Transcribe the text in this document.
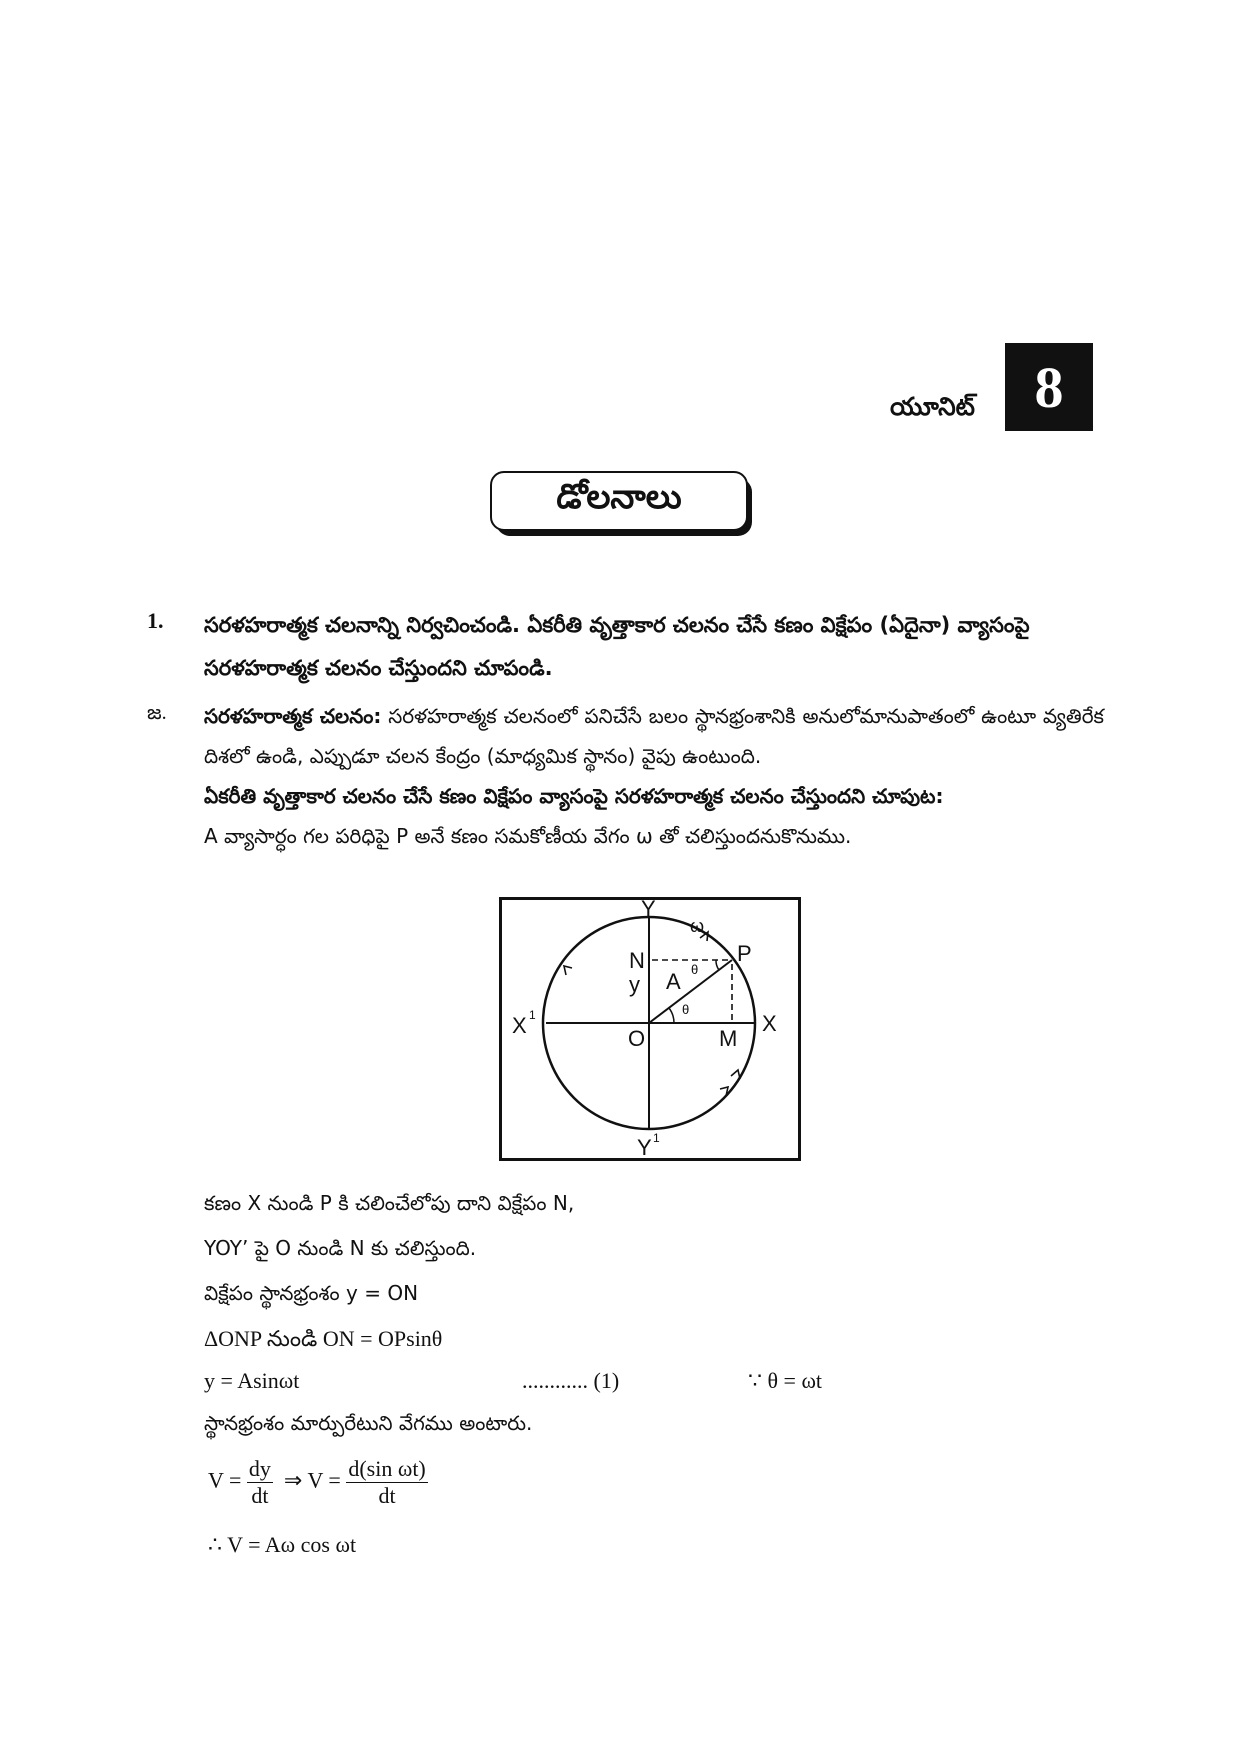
యూనిట్	8
డోలనాలు
1. సరళహరాత్మక చలనాన్ని నిర్వచించండి. ఏకరీతి వృత్తాకార చలనం చేసే కణం విక్షేపం (ఏదైనా) వ్యాసంపై సరళహరాత్మక చలనం చేస్తుందని చూపండి.
జ. సరళహరాత్మక చలనం: సరళహరాత్మక చలనంలో పనిచేసే బలం స్థానభ్రంశానికి అనులోమానుపాతంలో ఉంటూ వ్యతిరేక దిశలో ఉండి, ఎప్పుడూ చలన కేంద్రం (మాధ్యమిక స్థానం) వైపు ఉంటుంది.

ఏకరీతి వృత్తాకార చలనం చేసే కణం విక్షేపం వ్యాసంపై సరళహరాత్మక చలనం చేస్తుందని చూపుట:

A వ్యాసార్ధం గల పరిధిపై P అనే కణం సమకోణీయ వేగం ω తో చలిస్తుందనుకొనుము.

Y
ω
P
N
y A θ
θ
X 1
O	M
X
Y 1
కణం X నుండి P కి చలించేలోపు దాని విక్షేపం N,
YOY’ పై O నుండి N కు చలిస్తుంది.
విక్షేపం స్థానభ్రంశం y = ON
ΔONP నుండి ON = OPsinθ
y = Asinωt	............ (1)	∵ θ = ωt
స్థానభ్రంశం మార్పురేటుని వేగము అంటారు.
$V = \frac{dy}{dt}$ ⇒ $V = \frac{\text{d(sin ωt)}}{dt}$
∴ V = Aω cos ωt
